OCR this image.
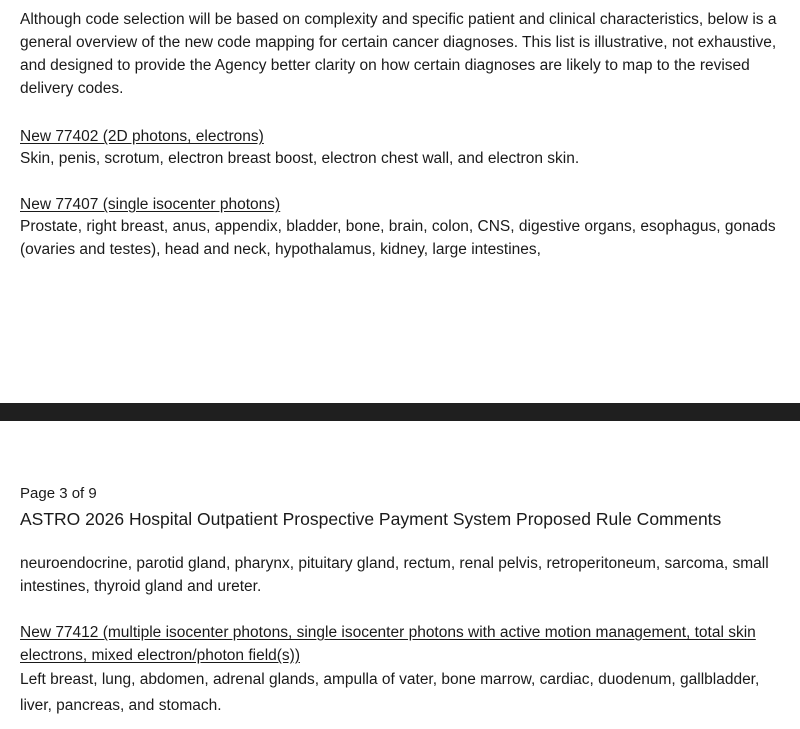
Although code selection will be based on complexity and specific patient and clinical characteristics, below is a general overview of the new code mapping for certain cancer diagnoses. This list is illustrative, not exhaustive, and designed to provide the Agency better clarity on how certain diagnoses are likely to map to the revised delivery codes.

New 77402 (2D photons, electrons)

Skin, penis, scrotum, electron breast boost, electron chest wall, and electron skin.

New 77407 (single isocenter photons)

Prostate, right breast, anus, appendix, bladder, bone, brain, colon, CNS, digestive organs, esophagus, gonads (ovaries and testes), head and neck, hypothalamus, kidney, large intestines,

Page 3 of 9
ASTRO 2026 Hospital Outpatient Prospective Payment System Proposed Rule Comments

neuroendocrine, parotid gland, pharynx, pituitary gland, rectum, renal pelvis, retroperitoneum, sarcoma, small intestines, thyroid gland and ureter.

New 77412 (multiple isocenter photons, single isocenter photons with active motion management, total skin electrons, mixed electron/photon field(s))

Left breast, lung, abdomen, adrenal glands, ampulla of vater, bone marrow, cardiac, duodenum, gallbladder, liver, pancreas, and stomach.
